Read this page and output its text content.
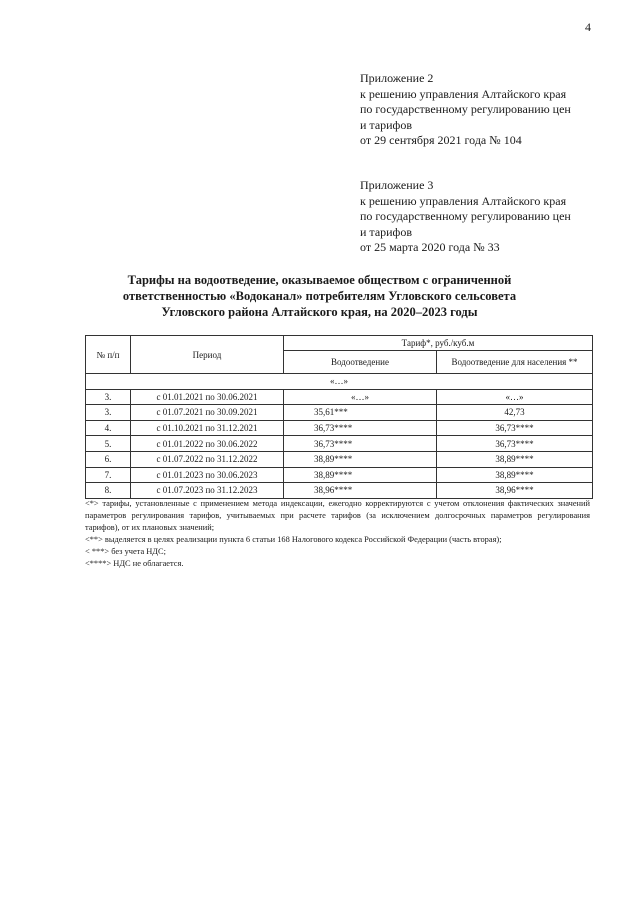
4
Приложение 2
к решению управления Алтайского края
по государственному регулированию цен
и тарифов
от 29 сентября 2021 года № 104
Приложение 3
к решению управления Алтайского края
по государственному регулированию цен
и тарифов
от 25 марта 2020 года № 33
Тарифы на водоотведение, оказываемое обществом с ограниченной
ответственностью «Водоканал» потребителям Угловского сельсовета
Угловского района Алтайского края, на 2020–2023 годы
№ п/п	Период	Тариф*, руб./куб.м	
		Водоотведение	Водоотведение для населения **
«…»			
3.	с 01.01.2021 по 30.06.2021	«…»	«…»
3.	с 01.07.2021 по 30.09.2021	35,61***	42,73
4.	с 01.10.2021 по 31.12.2021	36,73****	36,73****
5.	с 01.01.2022 по 30.06.2022	36,73****	36,73****
6.	с 01.07.2022 по 31.12.2022	38,89****	38,89****
7.	с 01.01.2023 по 30.06.2023	38,89****	38,89****
8.	с 01.07.2023 по 31.12.2023	38,96****	38,96****

<*> тарифы, установленные с применением метода индексации, ежегодно корректируются с учетом отклонения фактических значений параметров регулирования тарифов, учитываемых при расчете тарифов (за исключением долгосрочных параметров регулирования тарифов), от их плановых значений;

<**> выделяется в целях реализации пункта 6 статьи 168 Налогового кодекса Российской Федерации (часть вторая);

< ***> без учета НДС;

<****> НДС не облагается.
